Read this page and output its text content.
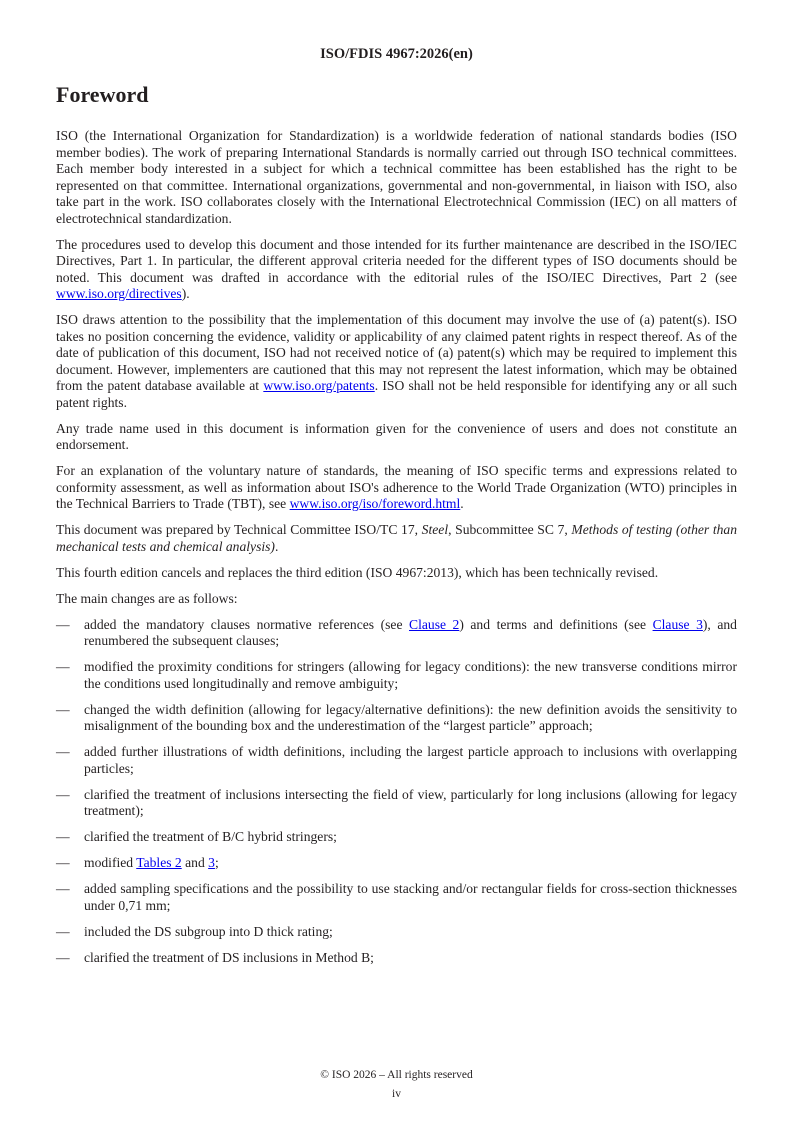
ISO/FDIS 4967:2026(en)
Foreword

ISO (the International Organization for Standardization) is a worldwide federation of national standards bodies (ISO member bodies). The work of preparing International Standards is normally carried out through ISO technical committees. Each member body interested in a subject for which a technical committee has been established has the right to be represented on that committee. International organizations, governmental and non-governmental, in liaison with ISO, also take part in the work. ISO collaborates closely with the International Electrotechnical Commission (IEC) on all matters of electrotechnical standardization.

The procedures used to develop this document and those intended for its further maintenance are described in the ISO/IEC Directives, Part 1. In particular, the different approval criteria needed for the different types of ISO documents should be noted. This document was drafted in accordance with the editorial rules of the ISO/IEC Directives, Part 2 (see www.iso.org/directives).

ISO draws attention to the possibility that the implementation of this document may involve the use of (a) patent(s). ISO takes no position concerning the evidence, validity or applicability of any claimed patent rights in respect thereof. As of the date of publication of this document, ISO had not received notice of (a) patent(s) which may be required to implement this document. However, implementers are cautioned that this may not represent the latest information, which may be obtained from the patent database available at www.iso.org/patents. ISO shall not be held responsible for identifying any or all such patent rights.

Any trade name used in this document is information given for the convenience of users and does not constitute an endorsement.

For an explanation of the voluntary nature of standards, the meaning of ISO specific terms and expressions related to conformity assessment, as well as information about ISO's adherence to the World Trade Organization (WTO) principles in the Technical Barriers to Trade (TBT), see www.iso.org/iso/foreword.html.

This document was prepared by Technical Committee ISO/TC 17, Steel, Subcommittee SC 7, Methods of testing (other than mechanical tests and chemical analysis).

This fourth edition cancels and replaces the third edition (ISO 4967:2013), which has been technically revised.

The main changes are as follows:

—	added the mandatory clauses normative references (see Clause 2) and terms and definitions (see Clause 3), and renumbered the subsequent clauses;
—	modified the proximity conditions for stringers (allowing for legacy conditions): the new transverse conditions mirror the conditions used longitudinally and remove ambiguity;
—	changed the width definition (allowing for legacy/alternative definitions): the new definition avoids the sensitivity to misalignment of the bounding box and the underestimation of the “largest particle” approach;
—	added further illustrations of width definitions, including the largest particle approach to inclusions with overlapping particles;
—	clarified the treatment of inclusions intersecting the field of view, particularly for long inclusions (allowing for legacy treatment);
—	clarified the treatment of B/C hybrid stringers;
—	modified Tables 2 and 3;
—	added sampling specifications and the possibility to use stacking and/or rectangular fields for cross-section thicknesses under 0,71 mm;
—	included the DS subgroup into D thick rating;
—	clarified the treatment of DS inclusions in Method B;
© ISO 2026 – All rights reserved
iv
